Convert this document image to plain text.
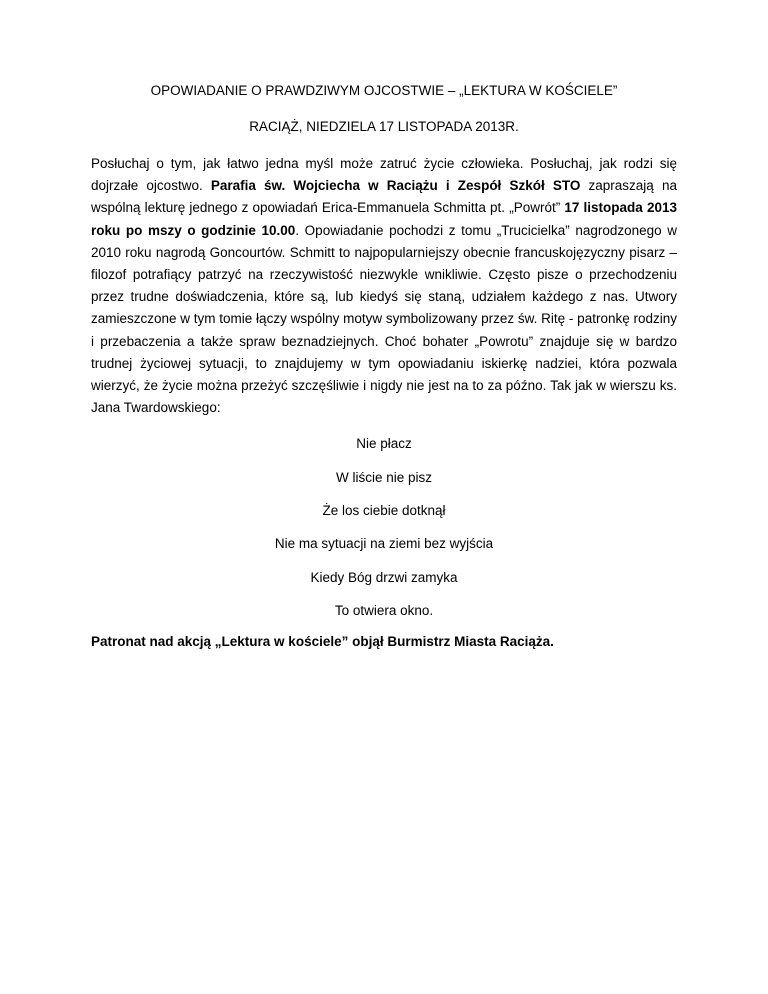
OPOWIADANIE O PRAWDZIWYM OJCOSTWIE – „LEKTURA W KOŚCIELE”

RACIĄŻ, NIEDZIELA 17 LISTOPADA 2013R.

Posłuchaj o tym, jak łatwo jedna myśl może zatruć życie człowieka. Posłuchaj, jak rodzi się dojrzałe ojcostwo. Parafia św. Wojciecha w Raciążu i Zespół Szkół STO zapraszają na wspólną lekturę jednego z opowiadań Erica-Emmanuela Schmitta pt. „Powrót” 17 listopada 2013 roku po mszy o godzinie 10.00. Opowiadanie pochodzi z tomu „Trucicielka” nagrodzonego w 2010 roku nagrodą Goncourtów. Schmitt to najpopularniejszy obecnie francuskojęzyczny pisarz – filozof potrafiący patrzyć na rzeczywistość niezwykle wnikliwie. Często pisze o przechodzeniu przez trudne doświadczenia, które są, lub kiedyś się staną, udziałem każdego z nas. Utwory zamieszczone w tym tomie łączy wspólny motyw symbolizowany przez św. Ritę - patronkę rodziny i przebaczenia a także spraw beznadziejnych. Choć bohater „Powrotu” znajduje się w bardzo trudnej życiowej sytuacji, to znajdujemy w tym opowiadaniu iskierkę nadziei, która pozwala wierzyć, że życie można przeżyć szczęśliwie i nigdy nie jest na to za późno. Tak jak w wierszu ks. Jana Twardowskiego:

Nie płacz
W liście nie pisz
Że los ciebie dotknął
Nie ma sytuacji na ziemi bez wyjścia
Kiedy Bóg drzwi zamyka
To otwiera okno.

Patronat nad akcją „Lektura w kościele” objął Burmistrz Miasta Raciąża.
